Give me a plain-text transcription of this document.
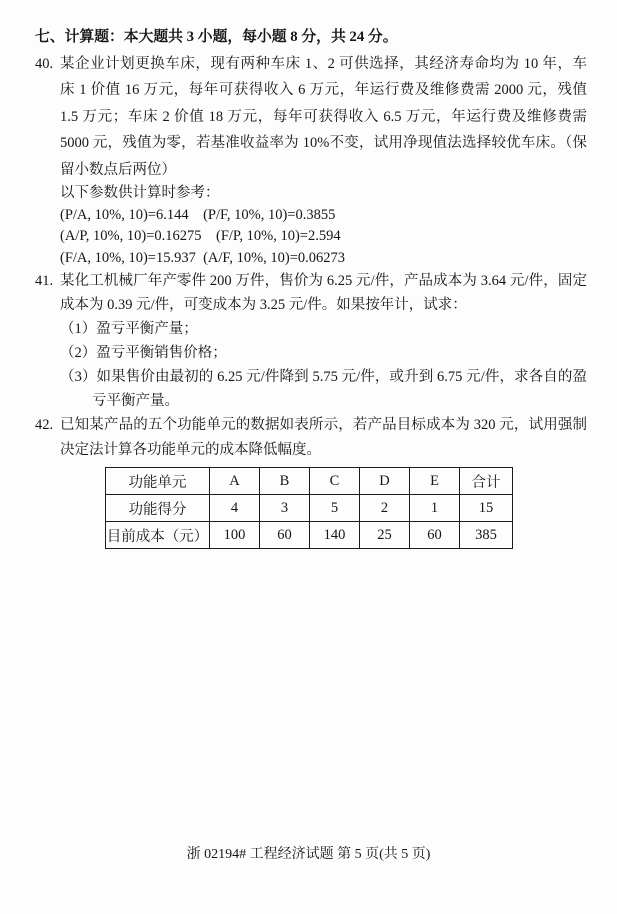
七、计算题：本大题共 3 小题，每小题 8 分，共 24 分。
40. 某企业计划更换车床，现有两种车床 1、2 可供选择，其经济寿命均为 10 年，车
床 1 价值 16 万元，每年可获得收入 6 万元，年运行费及维修费需 2000 元，残值
1.5 万元；车床 2 价值 18 万元，每年可获得收入 6.5 万元，年运行费及维修费需
5000 元，残值为零，若基准收益率为 10%不变，试用净现值法选择较优车床。（保
留小数点后两位）
以下参数供计算时参考：
(P/A, 10%, 10)=6.144    (P/F, 10%, 10)=0.3855
(A/P, 10%, 10)=0.16275    (F/P, 10%, 10)=2.594
(F/A, 10%, 10)=15.937  (A/F, 10%, 10)=0.06273
41. 某化工机械厂年产零件 200 万件，售价为 6.25 元/件，产品成本为 3.64 元/件，固定
成本为 0.39 元/件，可变成本为 3.25 元/件。如果按年计，试求：
（1）盈亏平衡产量；
（2）盈亏平衡销售价格；
（3）如果售价由最初的 6.25 元/件降到 5.75 元/件，或升到 6.75 元/件，求各自的盈
亏平衡产量。
42. 已知某产品的五个功能单元的数据如表所示，若产品目标成本为 320 元，试用强制
决定法计算各功能单元的成本降低幅度。
功能单元	A	B	C	D	E	合计
功能得分	4	3	5	2	1	15
目前成本（元）	100	60	140	25	60	385
浙 02194# 工程经济试题 第 5 页(共 5 页)
